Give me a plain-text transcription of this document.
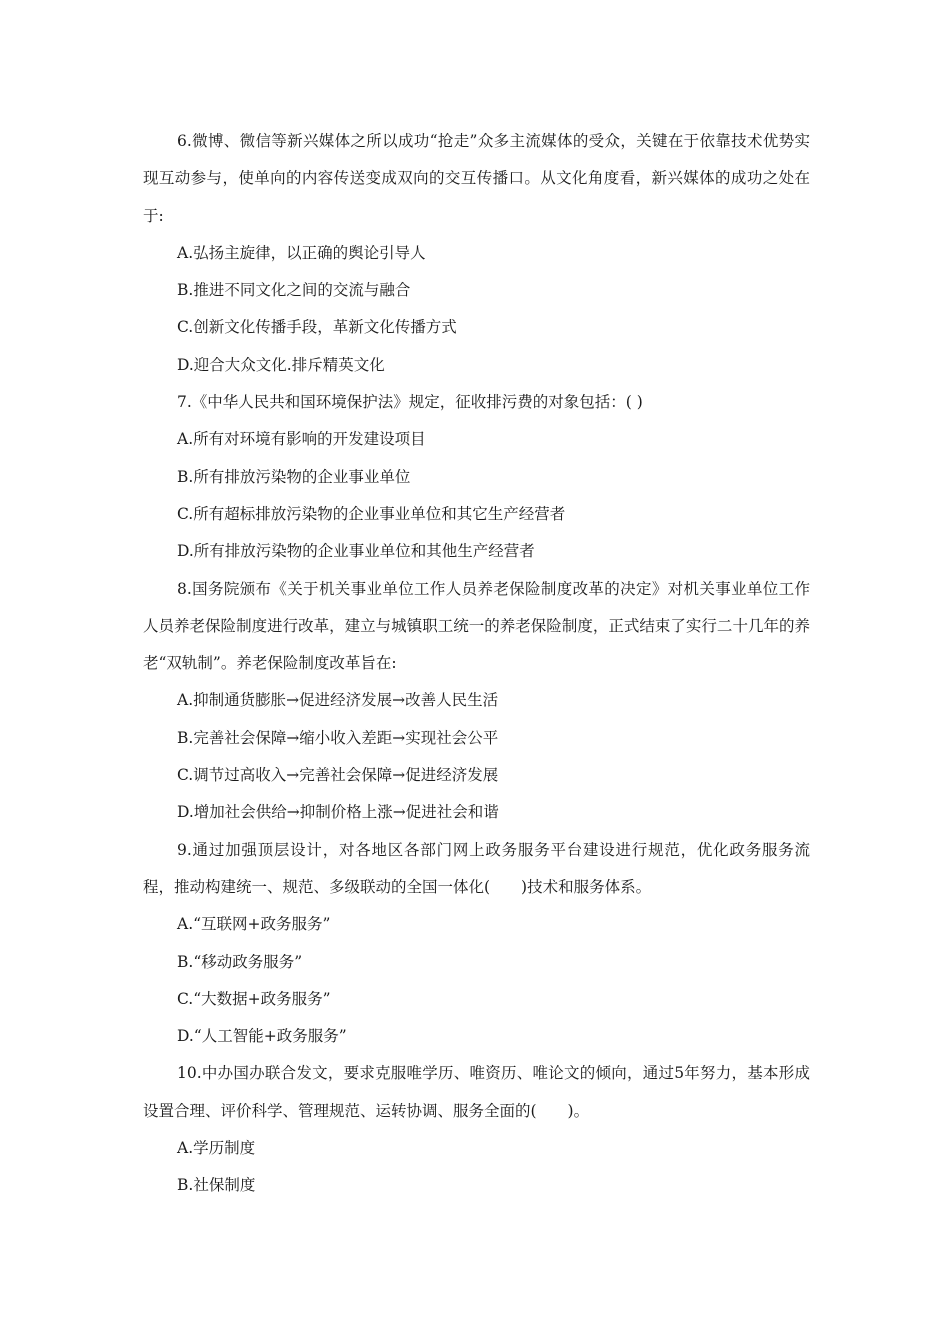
6.微博、微信等新兴媒体之所以成功“抢走”众多主流媒体的受众，关键在于依靠技术优势实现互动参与，使单向的内容传送变成双向的交互传播口。从文化角度看，新兴媒体的成功之处在于:

A.弘扬主旋律，以正确的舆论引导人

B.推进不同文化之间的交流与融合

C.创新文化传播手段，革新文化传播方式

D.迎合大众文化.排斥精英文化

7.《中华人民共和国环境保护法》规定，征收排污费的对象包括：( )

A.所有对环境有影响的开发建设项目

B.所有排放污染物的企业事业单位

C.所有超标排放污染物的企业事业单位和其它生产经营者

D.所有排放污染物的企业事业单位和其他生产经营者

8.国务院颁布《关于机关事业单位工作人员养老保险制度改革的决定》对机关事业单位工作人员养老保险制度进行改革，建立与城镇职工统一的养老保险制度，正式结束了实行二十几年的养老“双轨制”。养老保险制度改革旨在:

A.抑制通货膨胀→促进经济发展→改善人民生活

B.完善社会保障→缩小收入差距→实现社会公平

C.调节过高收入→完善社会保障→促进经济发展

D.增加社会供给→抑制价格上涨→促进社会和谐

9.通过加强顶层设计，对各地区各部门网上政务服务平台建设进行规范，优化政务服务流程，推动构建统一、规范、多级联动的全国一体化(　　)技术和服务体系。

A.“互联网+政务服务”

B.“移动政务服务”

C.“大数据+政务服务”

D.“人工智能+政务服务”

10.中办国办联合发文，要求克服唯学历、唯资历、唯论文的倾向，通过5年努力，基本形成设置合理、评价科学、管理规范、运转协调、服务全面的(　　)。

A.学历制度

B.社保制度
